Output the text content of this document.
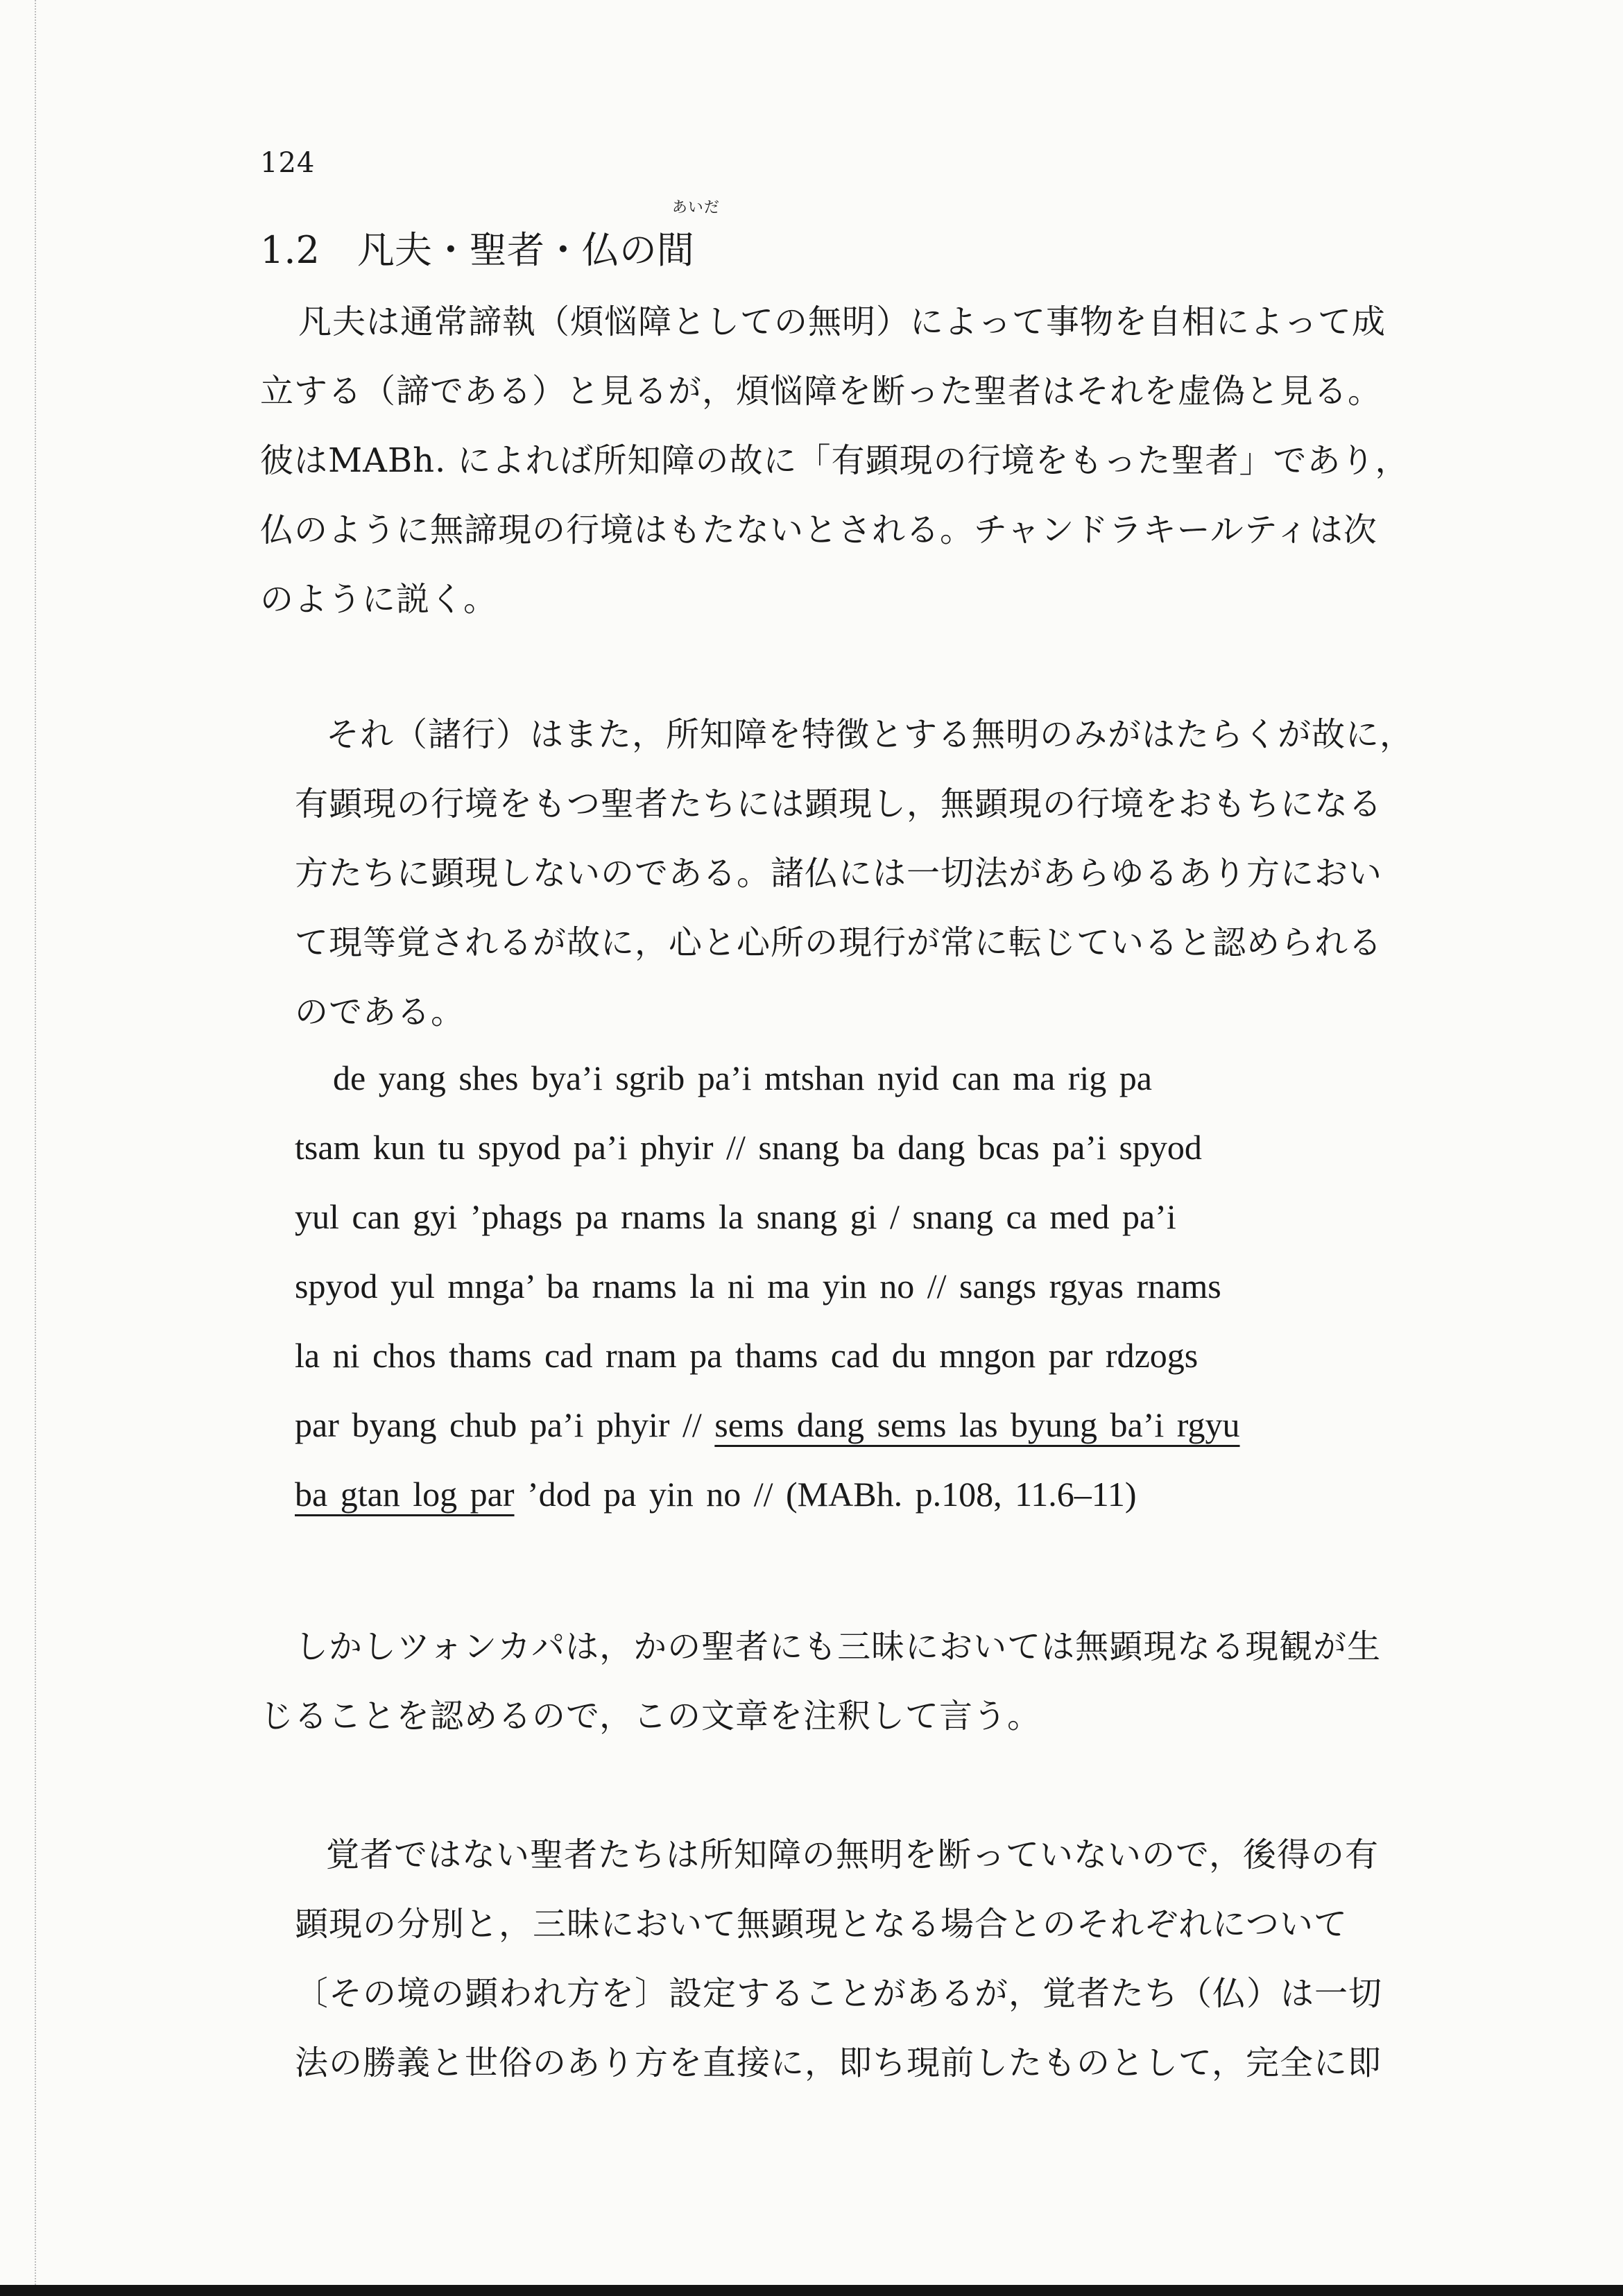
124
1.2　凡夫・聖者・仏の
あいだ
間
凡夫は通常諦執（煩悩障としての無明）によって事物を自相によって成
立する（諦である）と見るが，煩悩障を断った聖者はそれを虚偽と見る。
彼はMABh. によれば所知障の故に「有顕現の行境をもった聖者」であり，
仏のように無諦現の行境はもたないとされる。チャンドラキールティは次
のように説く。
それ（諸行）はまた，所知障を特徴とする無明のみがはたらくが故に，
有顕現の行境をもつ聖者たちには顕現し，無顕現の行境をおもちになる
方たちに顕現しないのである。諸仏には一切法があらゆるあり方におい
て現等覚されるが故に，心と心所の現行が常に転じていると認められる
のである。
de yang shes bya’i sgrib pa’i mtshan nyid can ma rig pa
tsam kun tu spyod pa’i phyir // snang ba dang bcas pa’i spyod
yul can gyi ’phags pa rnams la snang gi / snang ca med pa’i
spyod yul mnga’ ba rnams la ni ma yin no // sangs rgyas rnams
la ni chos thams cad rnam pa thams cad du mngon par rdzogs
par byang chub pa’i phyir // sems dang sems las byung ba’i rgyu
ba gtan log par ’dod pa yin no // (MABh. p.108, 11.6–11)
しかしツォンカパは，かの聖者にも三昧においては無顕現なる現観が生
じることを認めるので，この文章を注釈して言う。
覚者ではない聖者たちは所知障の無明を断っていないので，後得の有
顕現の分別と，三昧において無顕現となる場合とのそれぞれについて
〔その境の顕われ方を〕設定することがあるが，覚者たち（仏）は一切
法の勝義と世俗のあり方を直接に，即ち現前したものとして，完全に即
